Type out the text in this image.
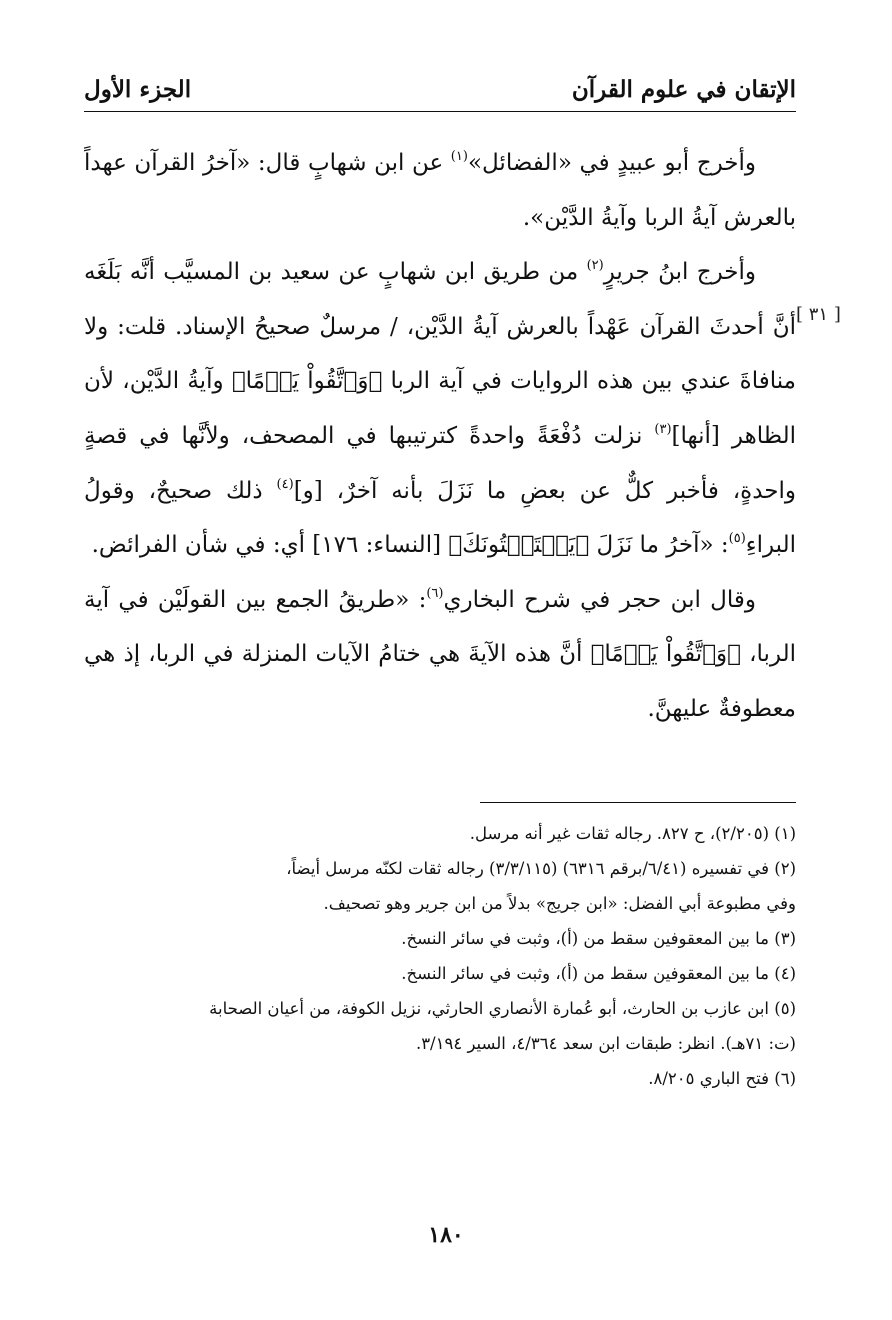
الجزء الأول	الإتقان في علوم القرآن
[ ٣١ ]

وأخرج أبو عبيدٍ في «الفضائل»$^{(١)}$ عن ابن شهابٍ قال: «آخرُ القرآن عهداً بالعرش آيةُ الربا وآيةُ الدَّيْن».

وأخرج ابنُ جريرٍ$^{(٢)}$ من طريق ابن شهابٍ عن سعيد بن المسيَّب أنَّه بَلَغَه أنَّ أحدثَ القرآن عَهْداً بالعرش آيةُ الدَّيْن، / مرسلٌ صحيحُ الإسناد. قلت: ولا منافاةَ عندي بين هذه الروايات في آية الربا ﴿وَٱتَّقُواْ يَوۡمًا﴾ وآيةُ الدَّيْن، لأن الظاهر [أنها]$^{(٣)}$ نزلت دُفْعَةً واحدةً كترتيبها في المصحف، ولأنَّها في قصةٍ واحدةٍ، فأخبر كلٌّ عن بعضِ ما نَزَلَ بأنه آخرٌ، [و]$^{(٤)}$ ذلك صحيحٌ، وقولُ البراءِ$^{(٥)}$: «آخرُ ما نَزَلَ ﴿يَسۡتَفۡتُونَكَ﴾ [النساء: ١٧٦] أي: في شأن الفرائض.

وقال ابن حجر في شرح البخاري$^{(٦)}$: «طريقُ الجمع بين القولَيْن في آية الربا، ﴿وَٱتَّقُواْ يَوۡمًا﴾ أنَّ هذه الآيةَ هي ختامُ الآيات المنزلة في الربا، إذ هي معطوفةٌ عليهنَّ.

(١) (٢/٢٠٥)، ح ٨٢٧. رجاله ثقات غير أنه مرسل.

(٢) في تفسيره (٦/٤١/برقم ٦٣١٦) (٣/٣/١١٥) رجاله ثقات لكنّه مرسل أيضاً،

وفي مطبوعة أبي الفضل: «ابن جريج» بدلاً من ابن جرير وهو تصحيف.

(٣) ما بين المعقوفين سقط من (أ)، وثبت في سائر النسخ.

(٤) ما بين المعقوفين سقط من (أ)، وثبت في سائر النسخ.

(٥) ابن عازب بن الحارث، أبو عُمارة الأنصاري الحارثي، نزيل الكوفة، من أعيان الصحابة

(ت: ٧١هـ). انظر: طبقات ابن سعد ٤/٣٦٤، السير ٣/١٩٤.

(٦) فتح الباري ٨/٢٠٥.

١٨٠
